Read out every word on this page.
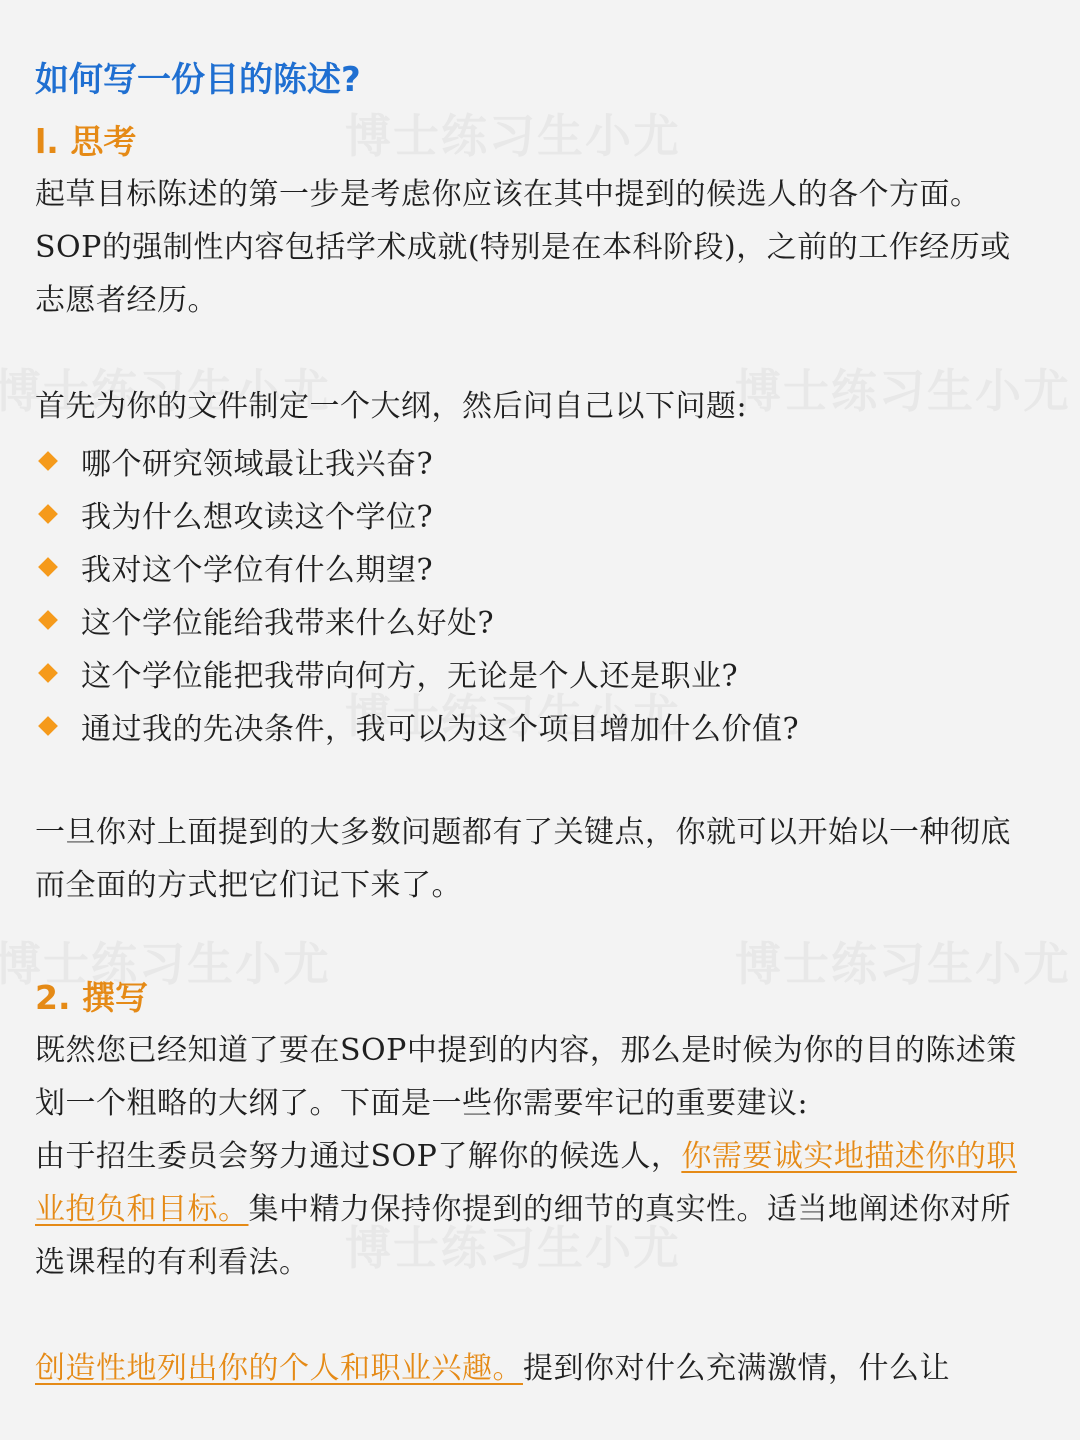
如何写一份目的陈述?
l. 思考

起草目标陈述的第一步是考虑你应该在其中提到的候选人的各个方面。SOP的强制性内容包括学术成就(特别是在本科阶段)，之前的工作经历或志愿者经历。

首先为你的文件制定一个大纲，然后问自己以下问题:

哪个研究领域最让我兴奋?
我为什么想攻读这个学位?
我对这个学位有什么期望?
这个学位能给我带来什么好处?
这个学位能把我带向何方，无论是个人还是职业?
通过我的先决条件，我可以为这个项目增加什么价值?

一旦你对上面提到的大多数问题都有了关键点，你就可以开始以一种彻底而全面的方式把它们记下来了。

2. 撰写

既然您已经知道了要在SOP中提到的内容，那么是时候为你的目的陈述策划一个粗略的大纲了。下面是一些你需要牢记的重要建议:

由于招生委员会努力通过SOP了解你的候选人，你需要诚实地描述你的职业抱负和目标。集中精力保持你提到的细节的真实性。适当地阐述你对所选课程的有利看法。

创造性地列出你的个人和职业兴趣。提到你对什么充满激情，什么让
